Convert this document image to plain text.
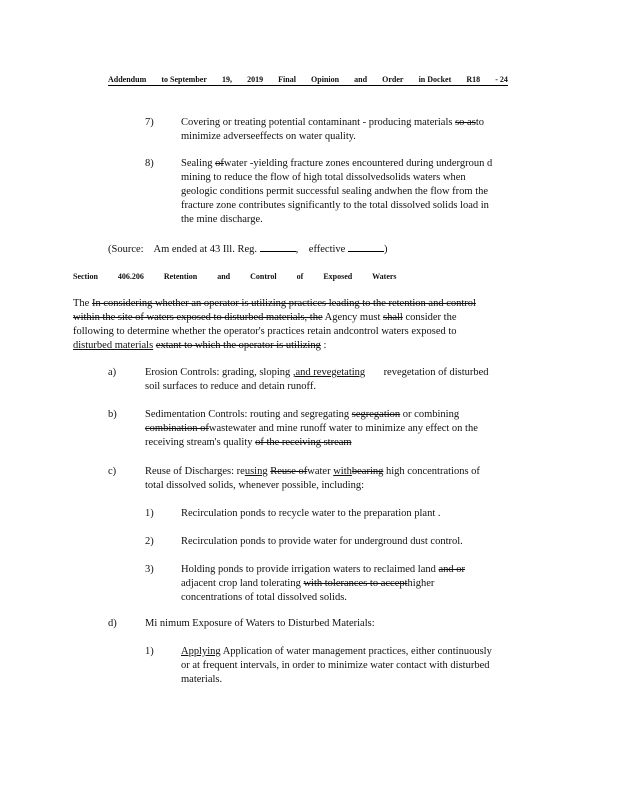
Addendum to September 19, 2019 Final Opinion and Order in Docket R18 - 24
7)	Covering or treating potential contaminant - producing materials so asto
minimize adverseeffects on water quality.
8)	Sealing ofwater -yielding fracture zones encountered during undergroun d
mining to reduce the flow of high total dissolvedsolids waters when
geologic conditions permit successful sealing andwhen the flow from the
fracture zone contributes significantly to the total dissolved solids load in
the mine discharge.
(Source: Am ended at 43 Ill. Reg.	, effective	)
Section	406.206	Retention	and	Control	of	Exposed Waters
The In considering whether an operator is utilizing practices leading to the retention and control
within the site of waters exposed to disturbed materials, the Agency must shall consider the
following to determine whether the operator's practices retain andcontrol waters exposed to
disturbed materials extant to which the operator is utilizing :
a)	Erosion Controls: grading, sloping ,and revegetating revegetation of disturbed
soil surfaces to reduce and detain runoff.
b)	Sedimentation Controls: routing and segregating segregation or combining
combination ofwastewater and mine runoff water to minimize any effect on the
receiving stream's quality of the receiving stream
c)	Reuse of Discharges: reusing Reuse ofwater withbearing high concentrations of
total dissolved solids, whenever possible, including:
1)	Recirculation ponds to recycle water to the preparation plant .
2)	Recirculation ponds to provide water for underground dust control.
3)	Holding ponds to provide irrigation waters to reclaimed land and or
adjacent crop land tolerating with tolerances to accepthigher
concentrations of total dissolved solids.
d)	Mi nimum Exposure of Waters to Disturbed Materials:
1)	Applying Application of water management practices, either continuously
or at frequent intervals, in order to minimize water contact with disturbed
materials.
